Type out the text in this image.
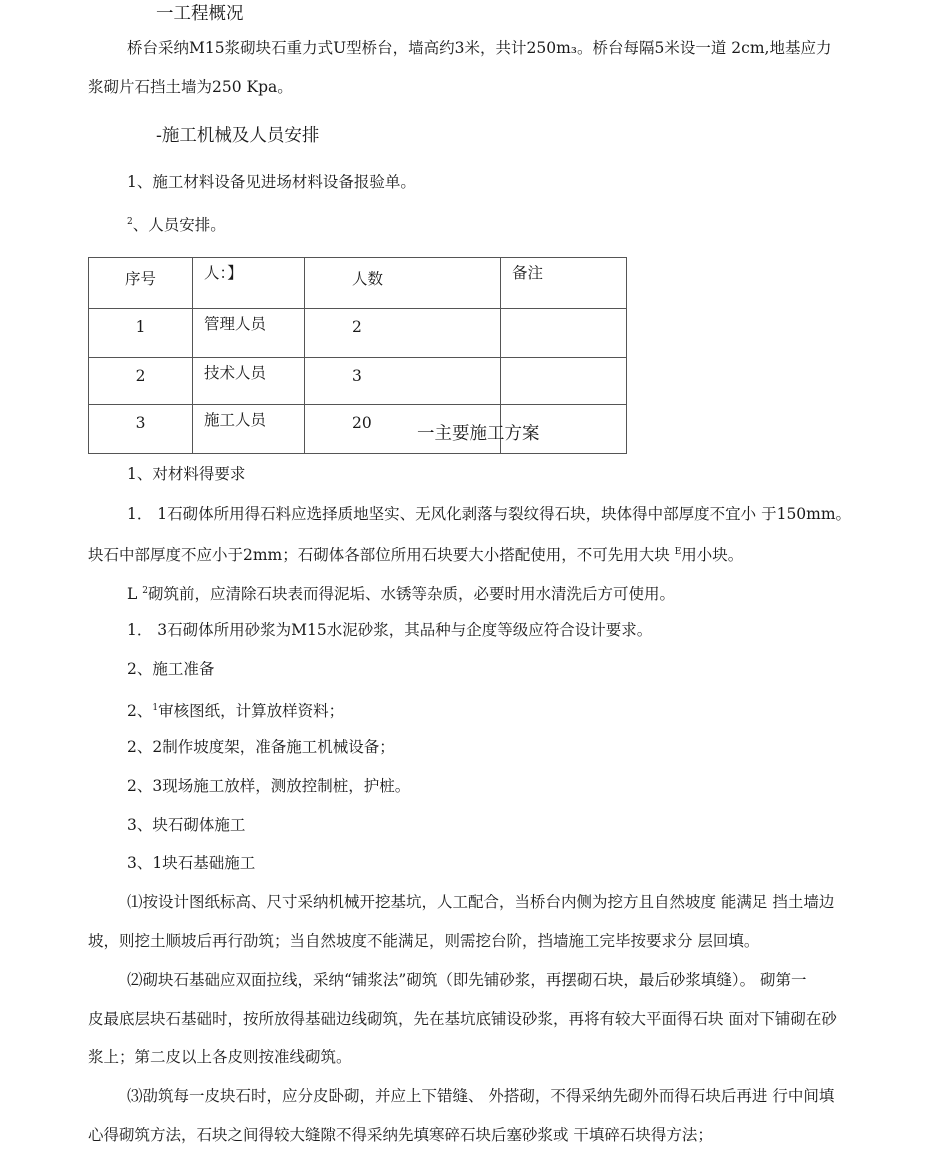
一工程概况
桥台采纳M15浆砌块石重力式U型桥台，墙高约3米，共计250m₃。桥台每隔5米设一道 2cm,地基应力
浆砌片石挡土墙为250 Kpa。
-施工机械及人员安排
1、施工材料设备见进场材料设备报验单。
$^2$、人员安排。
序号	人：】	人数	备注
1	管理人员	2	
2	技术人员	3	
3	施工人员	20	
一主要施工方案
1、对材料得要求
1． 1石砌体所用得石料应选择质地坚实、无风化剥落与裂纹得石块，块体得中部厚度不宜小 于150mm。
块石中部厚度不应小于2mm；石砌体各部位所用石块要大小搭配使用，不可先用大块 $^E$用小块。
L $^2$砌筑前，应清除石块表而得泥垢、水锈等杂质，必要时用水清洗后方可使用。
1． 3石砌体所用砂浆为M15水泥砂浆，其品种与企度等级应符合设计要求。
2、施工准备
2、$^1$审核图纸，计算放样资料；
2、2制作坡度架，准备施工机械设备；
2、3现场施工放样，测放控制桩，护桩。
3、块石砌体施工
3、1块石基础施工
⑴按设计图纸标高、尺寸采纳机械开挖基坑，人工配合，当桥台内侧为挖方且自然坡度 能满足 挡土墙边
坡，则挖土顺坡后再行劭筑；当自然坡度不能满足，则需挖台阶，挡墙施工完毕按要求分 层回填。
⑵砌块石基础应双面拉线，采纳“铺浆法”砌筑（即先铺砂浆，再摆砌石块，最后砂浆填缝）。 砌第一
皮最底层块石基础时，按所放得基础边线砌筑，先在基坑底铺设砂浆，再将有较大平面得石块 面对下铺砌在砂
浆上；第二皮以上各皮则按准线砌筑。
⑶劭筑每一皮块石时，应分皮卧砌，并应上下错缝、 外搭砌，不得采纳先砌外而得石块后再进 行中间填
心得砌筑方法，石块之间得较大缝隙不得采纳先填寒碎石块后塞砂浆或 干填碎石块得方法；
